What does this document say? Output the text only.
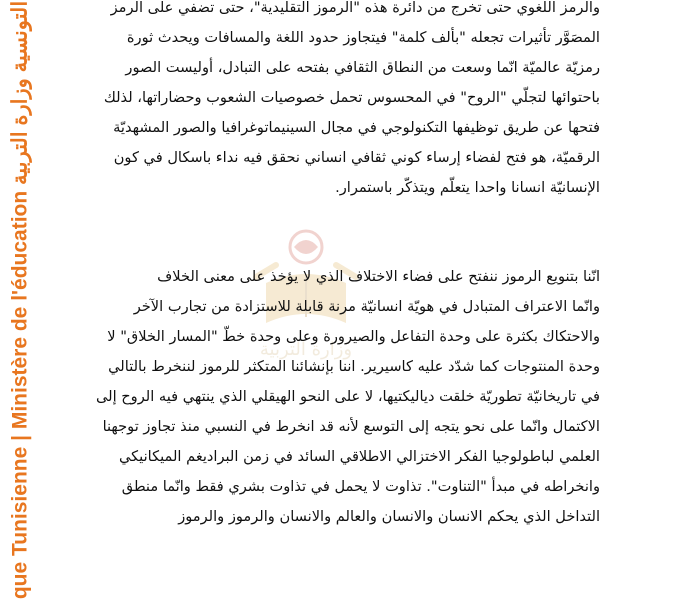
que Tunisienne | Ministère de l'éducation التونسية وزارة التربية
وزارة التربية

والرمز اللغوي حتى تخرج من دائرة هذه "الرموز التقليدية"، حتى تضفي على الرمز
المصَوَّر تأثيرات تجعله "بألف كلمة" فيتجاوز حدود اللغة والمسافات ويحدث ثورة
رمزيّة عالميّة انّما وسعت من النطاق الثقافي بفتحه على التبادل، أوليست الصور
باحتوائها لتجلّي "الروح" في المحسوس تحمل خصوصيات الشعوب وحضاراتها، لذلك
فتحها عن طريق توظيفها التكنولوجي في مجال السينيماتوغرافيا والصور المشهديّة
الرقميّة، هو فتح لفضاء إرساء كوني ثقافي انساني نحقق فيه نداء باسكال في كون
الإنسانيّة انسانا واحدا يتعلّم ويتذكّر باستمرار.

انّنا بتنويع الرموز ننفتح على فضاء الاختلاف الذي لا يؤخذ على معنى الخلاف
وانّما الاعتراف المتبادل في هويّة انسانيّة مرنة قابلة للاستزادة من تجارب الآخر
والاحتكاك بكثرة على وحدة التفاعل والصيرورة وعلى وحدة خطّ "المسار الخلاق" لا
وحدة المنتوجات كما شدّد عليه كاسيرير. اننا بإنشائنا المتكثر للرموز لننخرط بالتالي
في تاريخانيّة تطوريّة خلقت دياليكتيها، لا على النحو الهيقلي الذي ينتهي فيه الروح إلى
الاكتمال وانّما على نحو يتجه إلى التوسع لأنه قد انخرط في النسبي منذ تجاوز توجهنا
العلمي لباطولوجيا الفكر الاختزالي الاطلاقي السائد في زمن البراديغم الميكانيكي
وانخراطه في مبدأ "التناوت". تذاوت لا يحمل في تذاوت بشري فقط وانّما منطق
التداخل الذي يحكم الانسان والانسان والعالم والانسان والرموز والرموز
